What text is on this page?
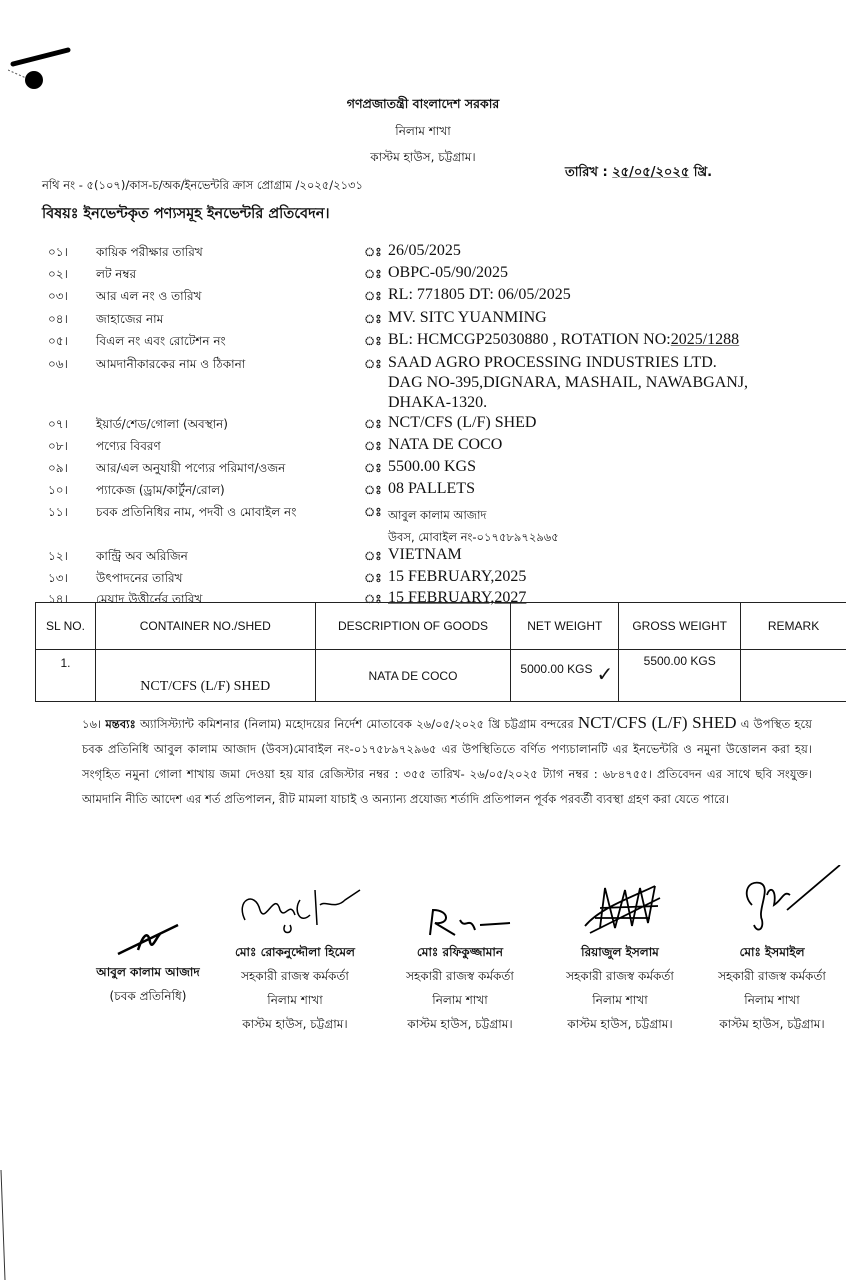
গণপ্রজাতন্ত্রী বাংলাদেশ সরকার
নিলাম শাখা
কাস্টম হাউস, চট্টগ্রাম।
নথি নং - ৫(১০৭)/কাস-চ/অক/ইনভেন্টরি ক্রাস প্রোগ্রাম /২০২৫/২১৩১
তারিখ : ২৫/০৫/২০২৫ খ্রি.
বিষয়ঃ ইনভেন্টকৃত পণ্যসমূহ ইনভেন্টরি প্রতিবেদন।
০১।	কায়িক পরীক্ষার তারিখ	ঃ 26/05/2025
০২।	লট নম্বর	ঃ OBPC-05/90/2025
০৩।	আর এল নং ও তারিখ	ঃ RL: 771805 DT: 06/05/2025
০৪।	জাহাজের নাম	ঃ MV. SITC YUANMING
০৫।	বিএল নং এবং রোটেশন নং	ঃ BL: HCMCGP25030880 , ROTATION NO:2025/1288
০৬।	আমদানীকারকের নাম ও ঠিকানা	ঃ SAAD AGRO PROCESSING INDUSTRIES LTD.
DAG NO-395,DIGNARA, MASHAIL, NAWABGANJ,
DHAKA-1320.
০৭।	ইয়ার্ড/শেড/গোলা (অবস্থান)	ঃ NCT/CFS (L/F) SHED
০৮।	পণ্যের বিবরণ	ঃ NATA DE COCO
০৯।	আর/এল অনুযায়ী পণ্যের পরিমাণ/ওজন	ঃ 5500.00 KGS
১০।	প্যাকেজ (ড্রাম/কার্টুন/রোল)	ঃ 08 PALLETS
১১।	চবক প্রতিনিধির নাম, পদবী ও মোবাইল নং	ঃ আবুল কালাম আজাদ
উবস, মোবাইল নং-০১৭৫৮৯৭২৯৬৫
১২।	কান্ট্রি অব অরিজিন	ঃ VIETNAM
১৩।	উৎপাদনের তারিখ	ঃ 15 FEBRUARY,2025
১৪।	মেয়াদ উত্তীর্নের তারিখ	ঃ 15 FEBRUARY,2027
SL NO.	CONTAINER NO./SHED	DESCRIPTION OF GOODS	NET WEIGHT	GROSS WEIGHT	REMARK
1.	NCT/CFS (L/F) SHED	NATA DE COCO	5000.00 KGS ✓	5500.00 KGS	
১৬। মন্তব্যঃ অ্যাসিস্ট্যান্ট কমিশনার (নিলাম) মহোদয়ের নির্দেশ মোতাবেক ২৬/০৫/২০২৫ খ্রি চট্টগ্রাম বন্দরের NCT/CFS (L/F) SHED এ উপস্থিত হয়ে চবক প্রতিনিধি আবুল কালাম আজাদ (উবস)মোবাইল নং-০১৭৫৮৯৭২৯৬৫ এর উপস্থিতিতে বর্ণিত পণ্যচালানটি এর ইনভেন্টরি ও নমুনা উত্তোলন করা হয়। সংগৃহিত নমুনা গোলা শাখায় জমা দেওয়া হয় যার রেজিস্টার নম্বর : ৩৫৫ তারিখ- ২৬/০৫/২০২৫ ট্যাগ নম্বর : ৬৮৪৭৫৫। প্রতিবেদন এর সাথে ছবি সংযুক্ত। আমদানি নীতি আদেশ এর শর্ত প্রতিপালন, রীট মামলা যাচাই ও অন্যান্য প্রযোজ্য শর্তাদি প্রতিপালন পূর্বক পরবর্তী ব্যবস্থা গ্রহণ করা যেতে পারে।
আবুল কালাম আজাদ
(চবক প্রতিনিধি)
মোঃ রোকনুদ্দৌলা হিমেল
সহকারী রাজস্ব কর্মকর্তা
নিলাম শাখা
কাস্টম হাউস, চট্টগ্রাম।
মোঃ রফিকুজ্জামান
সহকারী রাজস্ব কর্মকর্তা
নিলাম শাখা
কাস্টম হাউস, চট্টগ্রাম।
রিয়াজুল ইসলাম
সহকারী রাজস্ব কর্মকর্তা
নিলাম শাখা
কাস্টম হাউস, চট্টগ্রাম।
মোঃ ইসমাইল
সহকারী রাজস্ব কর্মকর্তা
নিলাম শাখা
কাস্টম হাউস, চট্টগ্রাম।
